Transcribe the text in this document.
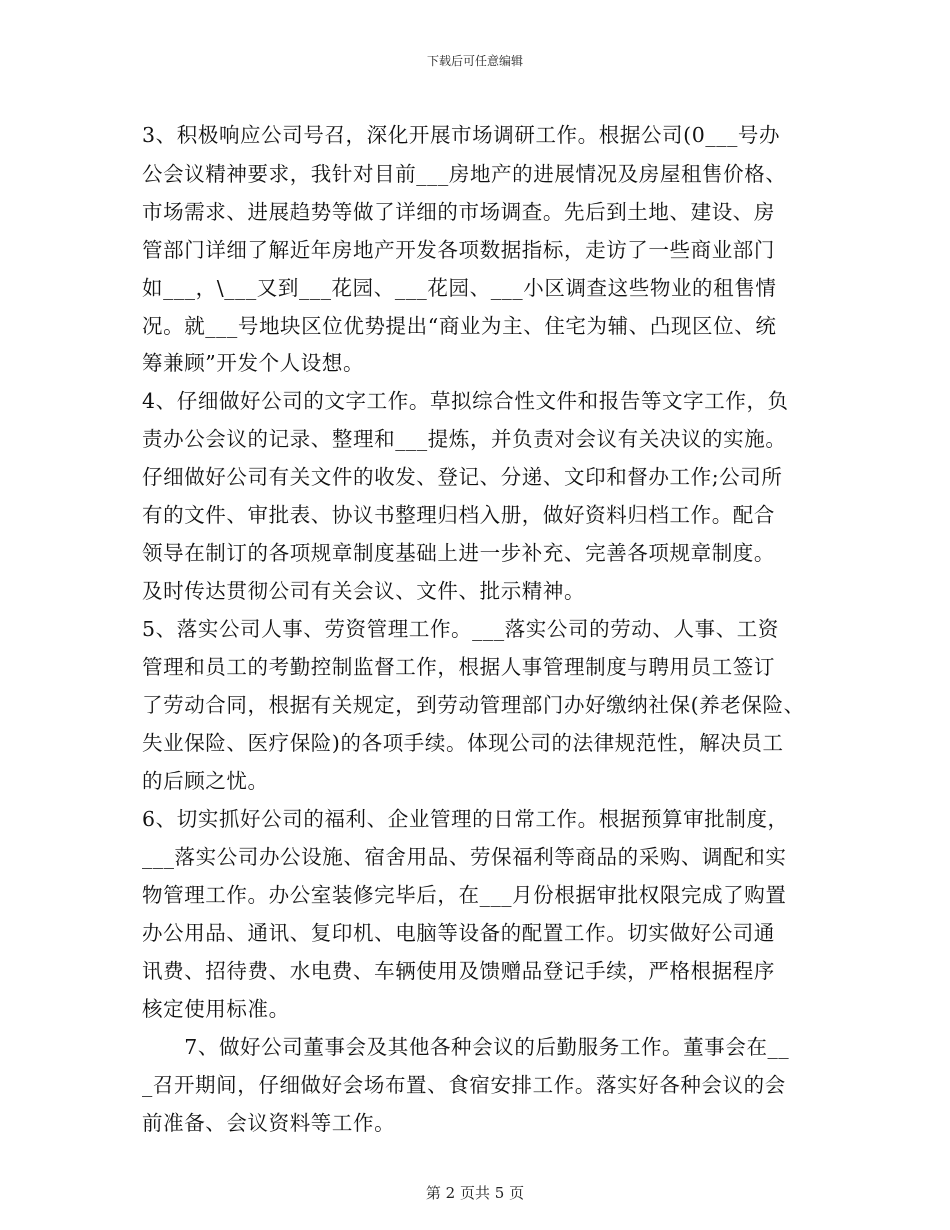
下载后可任意编辑
3、积极响应公司号召，深化开展市场调研工作。根据公司(0___号办
公会议精神要求，我针对目前___房地产的进展情况及房屋租售价格、
市场需求、进展趋势等做了详细的市场调查。先后到土地、建设、房
管部门详细了解近年房地产开发各项数据指标，走访了一些商业部门
如___，\___又到___花园、___花园、___小区调查这些物业的租售情
况。就___号地块区位优势提出“商业为主、住宅为辅、凸现区位、统
筹兼顾”开发个人设想。
4、仔细做好公司的文字工作。草拟综合性文件和报告等文字工作，负
责办公会议的记录、整理和___提炼，并负责对会议有关决议的实施。
仔细做好公司有关文件的收发、登记、分递、文印和督办工作;公司所
有的文件、审批表、协议书整理归档入册，做好资料归档工作。配合
领导在制订的各项规章制度基础上进一步补充、完善各项规章制度。
及时传达贯彻公司有关会议、文件、批示精神。
5、落实公司人事、劳资管理工作。___落实公司的劳动、人事、工资
管理和员工的考勤控制监督工作，根据人事管理制度与聘用员工签订
了劳动合同，根据有关规定，到劳动管理部门办好缴纳社保(养老保险、
失业保险、医疗保险)的各项手续。体现公司的法律规范性，解决员工
的后顾之忧。
6、切实抓好公司的福利、企业管理的日常工作。根据预算审批制度，
___落实公司办公设施、宿舍用品、劳保福利等商品的采购、调配和实
物管理工作。办公室装修完毕后，在___月份根据审批权限完成了购置
办公用品、通讯、复印机、电脑等设备的配置工作。切实做好公司通
讯费、招待费、水电费、车辆使用及馈赠品登记手续，严格根据程序
核定使用标准。
　　7、做好公司董事会及其他各种会议的后勤服务工作。董事会在__
_召开期间，仔细做好会场布置、食宿安排工作。落实好各种会议的会
前准备、会议资料等工作。
第 2 页共 5 页
